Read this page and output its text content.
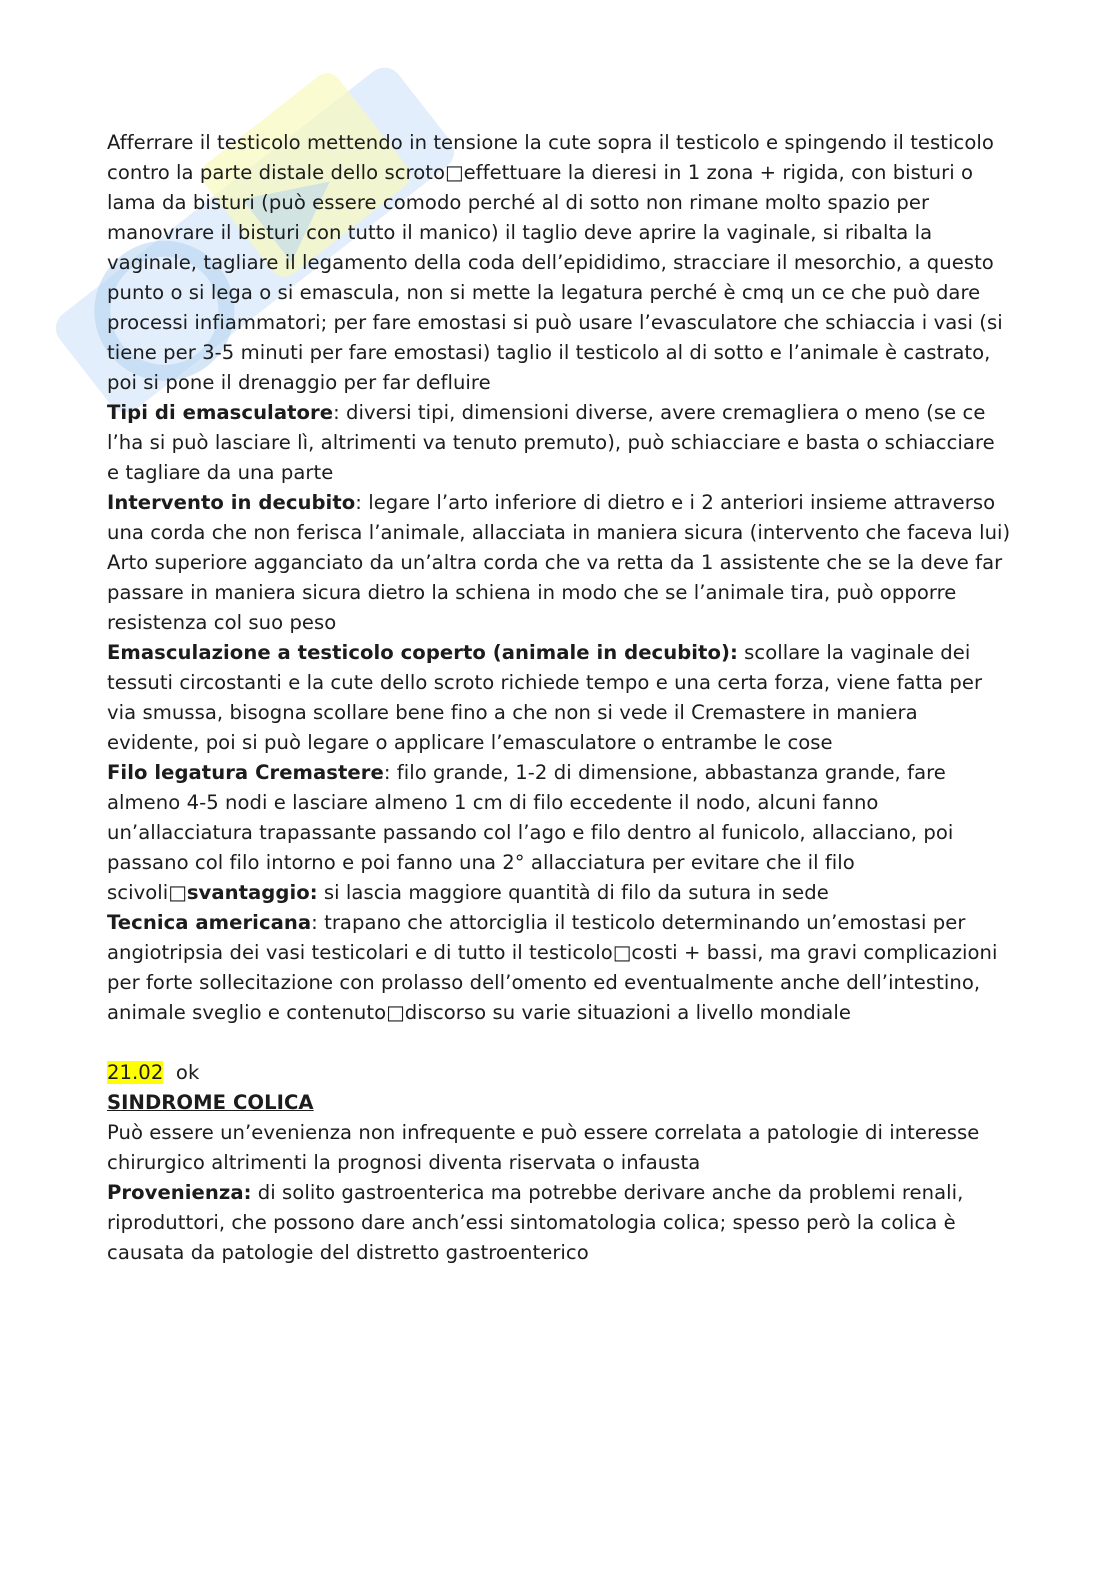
Afferrare il testicolo mettendo in tensione la cute sopra il testicolo e spingendo il testicolo contro la parte distale dello scroto□effettuare la dieresi in 1 zona + rigida, con bisturi o lama da bisturi (può essere comodo perché al di sotto non rimane molto spazio per manovrare il bisturi con tutto il manico) il taglio deve aprire la vaginale, si ribalta la vaginale, tagliare il legamento della coda dell’epididimo, stracciare il mesorchio, a questo punto o si lega o si emascula, non si mette la legatura perché è cmq un ce che può dare processi infiammatori; per fare emostasi si può usare l’evasculatore che schiaccia i vasi (si tiene per 3-5 minuti per fare emostasi) taglio il testicolo al di sotto e l’animale è castrato, poi si pone il drenaggio per far defluire

Tipi di emasculatore: diversi tipi, dimensioni diverse, avere cremagliera o meno (se ce l’ha si può lasciare lì, altrimenti va tenuto premuto), può schiacciare e basta o schiacciare e tagliare da una parte

Intervento in decubito: legare l’arto inferiore di dietro e i 2 anteriori insieme attraverso una corda che non ferisca l’animale, allacciata in maniera sicura (intervento che faceva lui)

Arto superiore agganciato da un’altra corda che va retta da 1 assistente che se la deve far passare in maniera sicura dietro la schiena in modo che se l’animale tira, può opporre resistenza col suo peso

Emasculazione a testicolo coperto (animale in decubito): scollare la vaginale dei tessuti circostanti e la cute dello scroto richiede tempo e una certa forza, viene fatta per via smussa, bisogna scollare bene fino a che non si vede il Cremastere in maniera evidente, poi si può legare o applicare l’emasculatore o entrambe le cose

Filo legatura Cremastere: filo grande, 1-2 di dimensione, abbastanza grande, fare almeno 4-5 nodi e lasciare almeno 1 cm di filo eccedente il nodo, alcuni fanno un’allacciatura trapassante passando col l’ago e filo dentro al funicolo, allacciano, poi passano col filo intorno e poi fanno una 2° allacciatura per evitare che il filo scivoli□svantaggio: si lascia maggiore quantità di filo da sutura in sede

Tecnica americana: trapano che attorciglia il testicolo determinando un’emostasi per angiotripsia dei vasi testicolari e di tutto il testicolo□costi + bassi, ma gravi complicazioni per forte sollecitazione con prolasso dell’omento ed eventualmente anche dell’intestino, animale sveglio e contenuto□discorso su varie situazioni a livello mondiale

21.02  ok

SINDROME COLICA

Può essere un’evenienza non infrequente e può essere correlata a patologie di interesse chirurgico altrimenti la prognosi diventa riservata o infausta

Provenienza: di solito gastroenterica ma potrebbe derivare anche da problemi renali, riproduttori, che possono dare anch’essi sintomatologia colica; spesso però la colica è causata da patologie del distretto gastroenterico
